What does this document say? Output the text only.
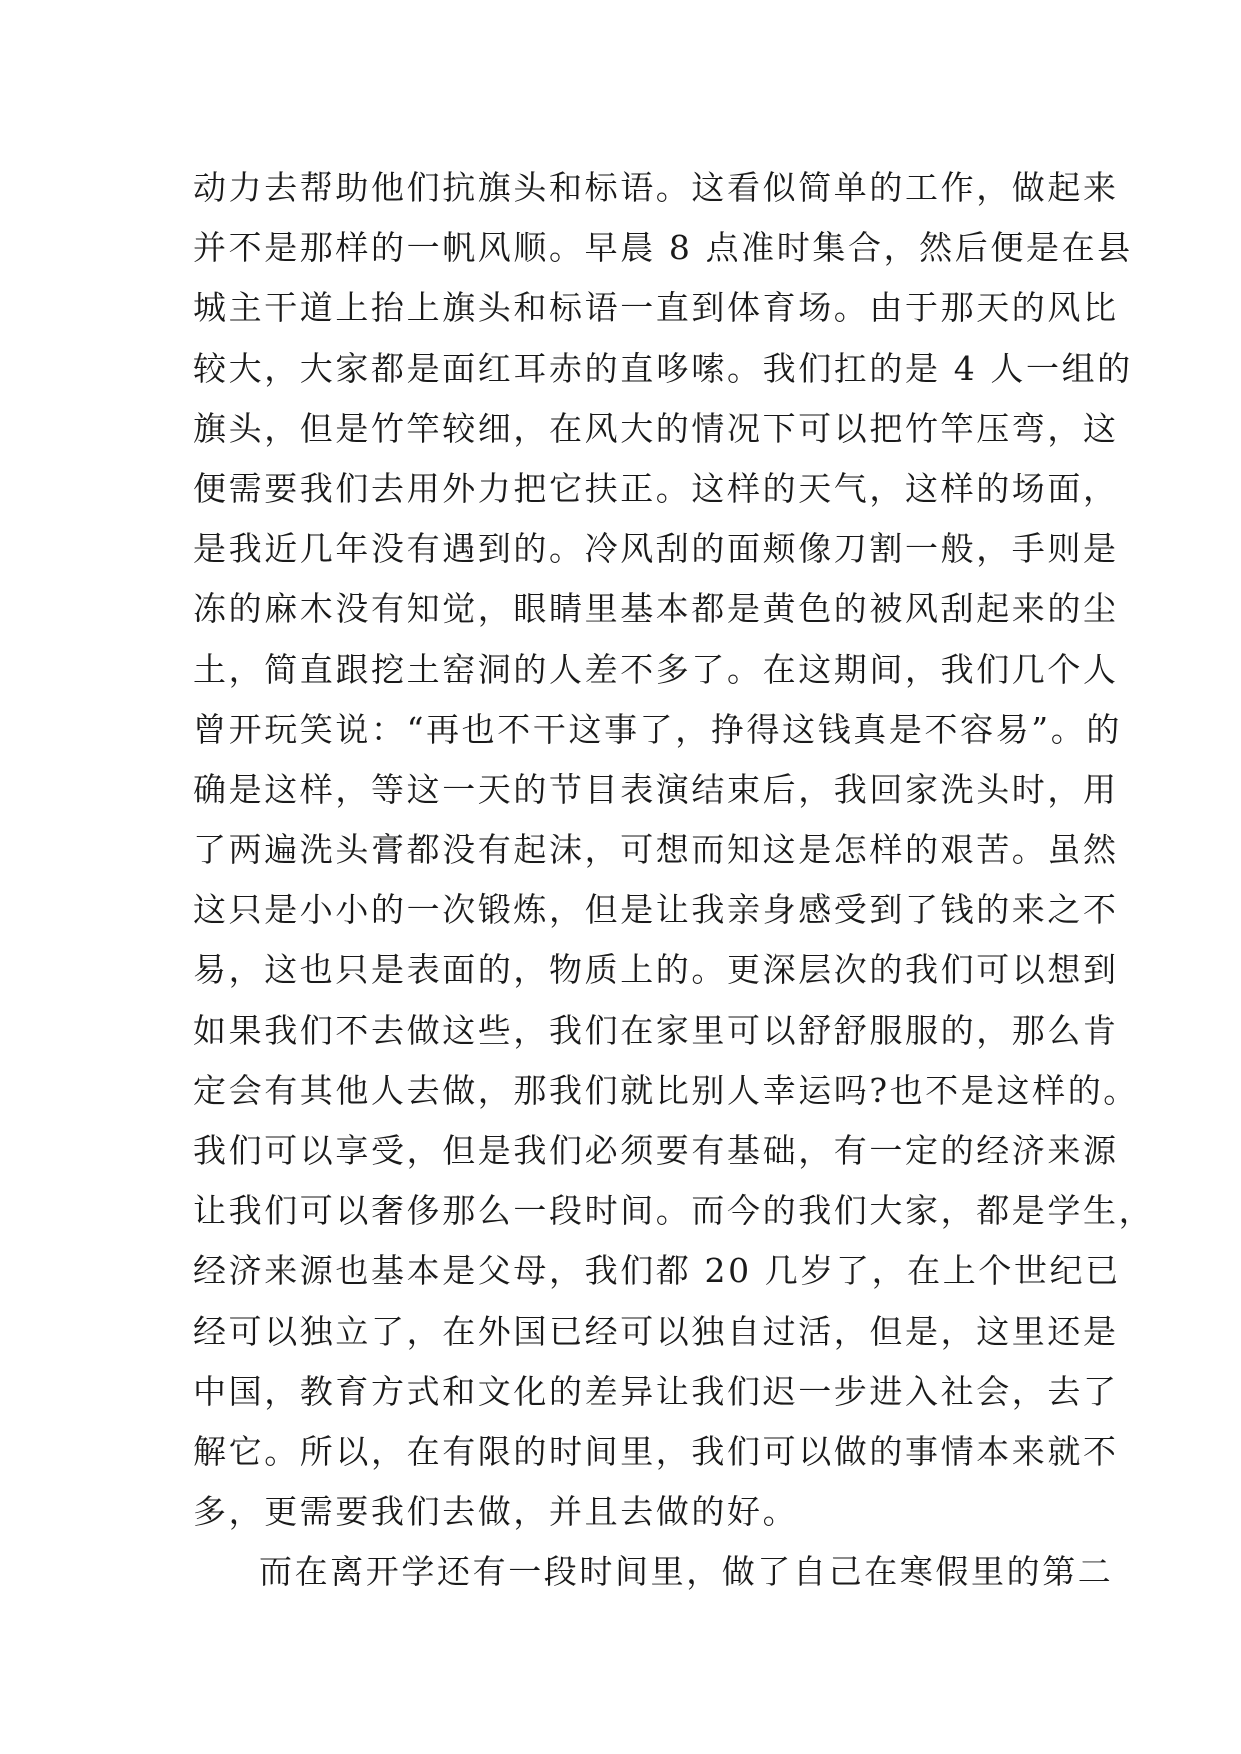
动力去帮助他们抗旗头和标语。这看似简单的工作，做起来
并不是那样的一帆风顺。早晨 8 点准时集合，然后便是在县
城主干道上抬上旗头和标语一直到体育场。由于那天的风比
较大，大家都是面红耳赤的直哆嗦。我们扛的是 4 人一组的
旗头，但是竹竿较细，在风大的情况下可以把竹竿压弯，这
便需要我们去用外力把它扶正。这样的天气，这样的场面，
是我近几年没有遇到的。冷风刮的面颊像刀割一般，手则是
冻的麻木没有知觉，眼睛里基本都是黄色的被风刮起来的尘
土，简直跟挖土窑洞的人差不多了。在这期间，我们几个人
曾开玩笑说：“再也不干这事了，挣得这钱真是不容易”。的
确是这样，等这一天的节目表演结束后，我回家洗头时，用
了两遍洗头膏都没有起沫，可想而知这是怎样的艰苦。虽然
这只是小小的一次锻炼，但是让我亲身感受到了钱的来之不
易，这也只是表面的，物质上的。更深层次的我们可以想到
如果我们不去做这些，我们在家里可以舒舒服服的，那么肯
定会有其他人去做，那我们就比别人幸运吗?也不是这样的。
我们可以享受，但是我们必须要有基础，有一定的经济来源
让我们可以奢侈那么一段时间。而今的我们大家，都是学生，
经济来源也基本是父母，我们都 20 几岁了，在上个世纪已
经可以独立了，在外国已经可以独自过活，但是，这里还是
中国，教育方式和文化的差异让我们迟一步进入社会，去了
解它。所以，在有限的时间里，我们可以做的事情本来就不
多，更需要我们去做，并且去做的好。
而在离开学还有一段时间里，做了自己在寒假里的第二
